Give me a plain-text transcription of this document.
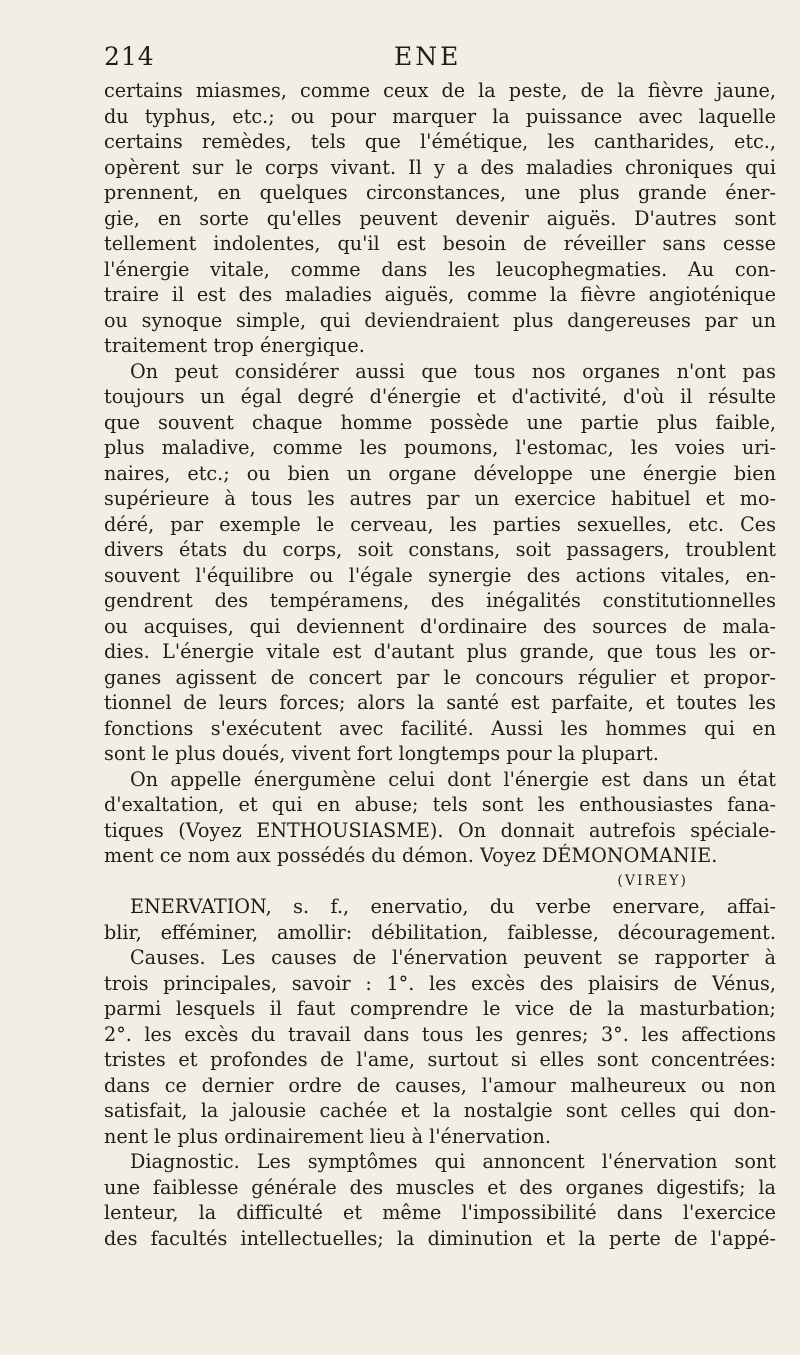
214	ENE
certains miasmes, comme ceux de la peste, de la fièvre jaune,
du typhus, etc.; ou pour marquer la puissance avec laquelle
certains remèdes, tels que l'émétique, les cantharides, etc.,
opèrent sur le corps vivant. Il y a des maladies chroniques qui
prennent, en quelques circonstances, une plus grande éner-
gie, en sorte qu'elles peuvent devenir aiguës. D'autres sont
tellement indolentes, qu'il est besoin de réveiller sans cesse
l'énergie vitale, comme dans les leucophegmaties. Au con-
traire il est des maladies aiguës, comme la fièvre angioténique
ou synoque simple, qui deviendraient plus dangereuses par un
traitement trop énergique.
On peut considérer aussi que tous nos organes n'ont pas
toujours un égal degré d'énergie et d'activité, d'où il résulte
que souvent chaque homme possède une partie plus faible,
plus maladive, comme les poumons, l'estomac, les voies uri-
naires, etc.; ou bien un organe développe une énergie bien
supérieure à tous les autres par un exercice habituel et mo-
déré, par exemple le cerveau, les parties sexuelles, etc. Ces
divers états du corps, soit constans, soit passagers, troublent
souvent l'équilibre ou l'égale synergie des actions vitales, en-
gendrent des tempéramens, des inégalités constitutionnelles
ou acquises, qui deviennent d'ordinaire des sources de mala-
dies. L'énergie vitale est d'autant plus grande, que tous les or-
ganes agissent de concert par le concours régulier et propor-
tionnel de leurs forces; alors la santé est parfaite, et toutes les
fonctions s'exécutent avec facilité. Aussi les hommes qui en
sont le plus doués, vivent fort longtemps pour la plupart.
On appelle énergumène celui dont l'énergie est dans un état
d'exaltation, et qui en abuse; tels sont les enthousiastes fana-
tiques (Voyez ENTHOUSIASME). On donnait autrefois spéciale-
ment ce nom aux possédés du démon. Voyez DÉMONOMANIE.
(VIREY)
ENERVATION, s. f., enervatio, du verbe enervare, affai-
blir, efféminer, amollir: débilitation, faiblesse, découragement.
Causes. Les causes de l'énervation peuvent se rapporter à
trois principales, savoir : 1°. les excès des plaisirs de Vénus,
parmi lesquels il faut comprendre le vice de la masturbation;
2°. les excès du travail dans tous les genres; 3°. les affections
tristes et profondes de l'ame, surtout si elles sont concentrées:
dans ce dernier ordre de causes, l'amour malheureux ou non
satisfait, la jalousie cachée et la nostalgie sont celles qui don-
nent le plus ordinairement lieu à l'énervation.
Diagnostic. Les symptômes qui annoncent l'énervation sont
une faiblesse générale des muscles et des organes digestifs; la
lenteur, la difficulté et même l'impossibilité dans l'exercice
des facultés intellectuelles; la diminution et la perte de l'appé-
